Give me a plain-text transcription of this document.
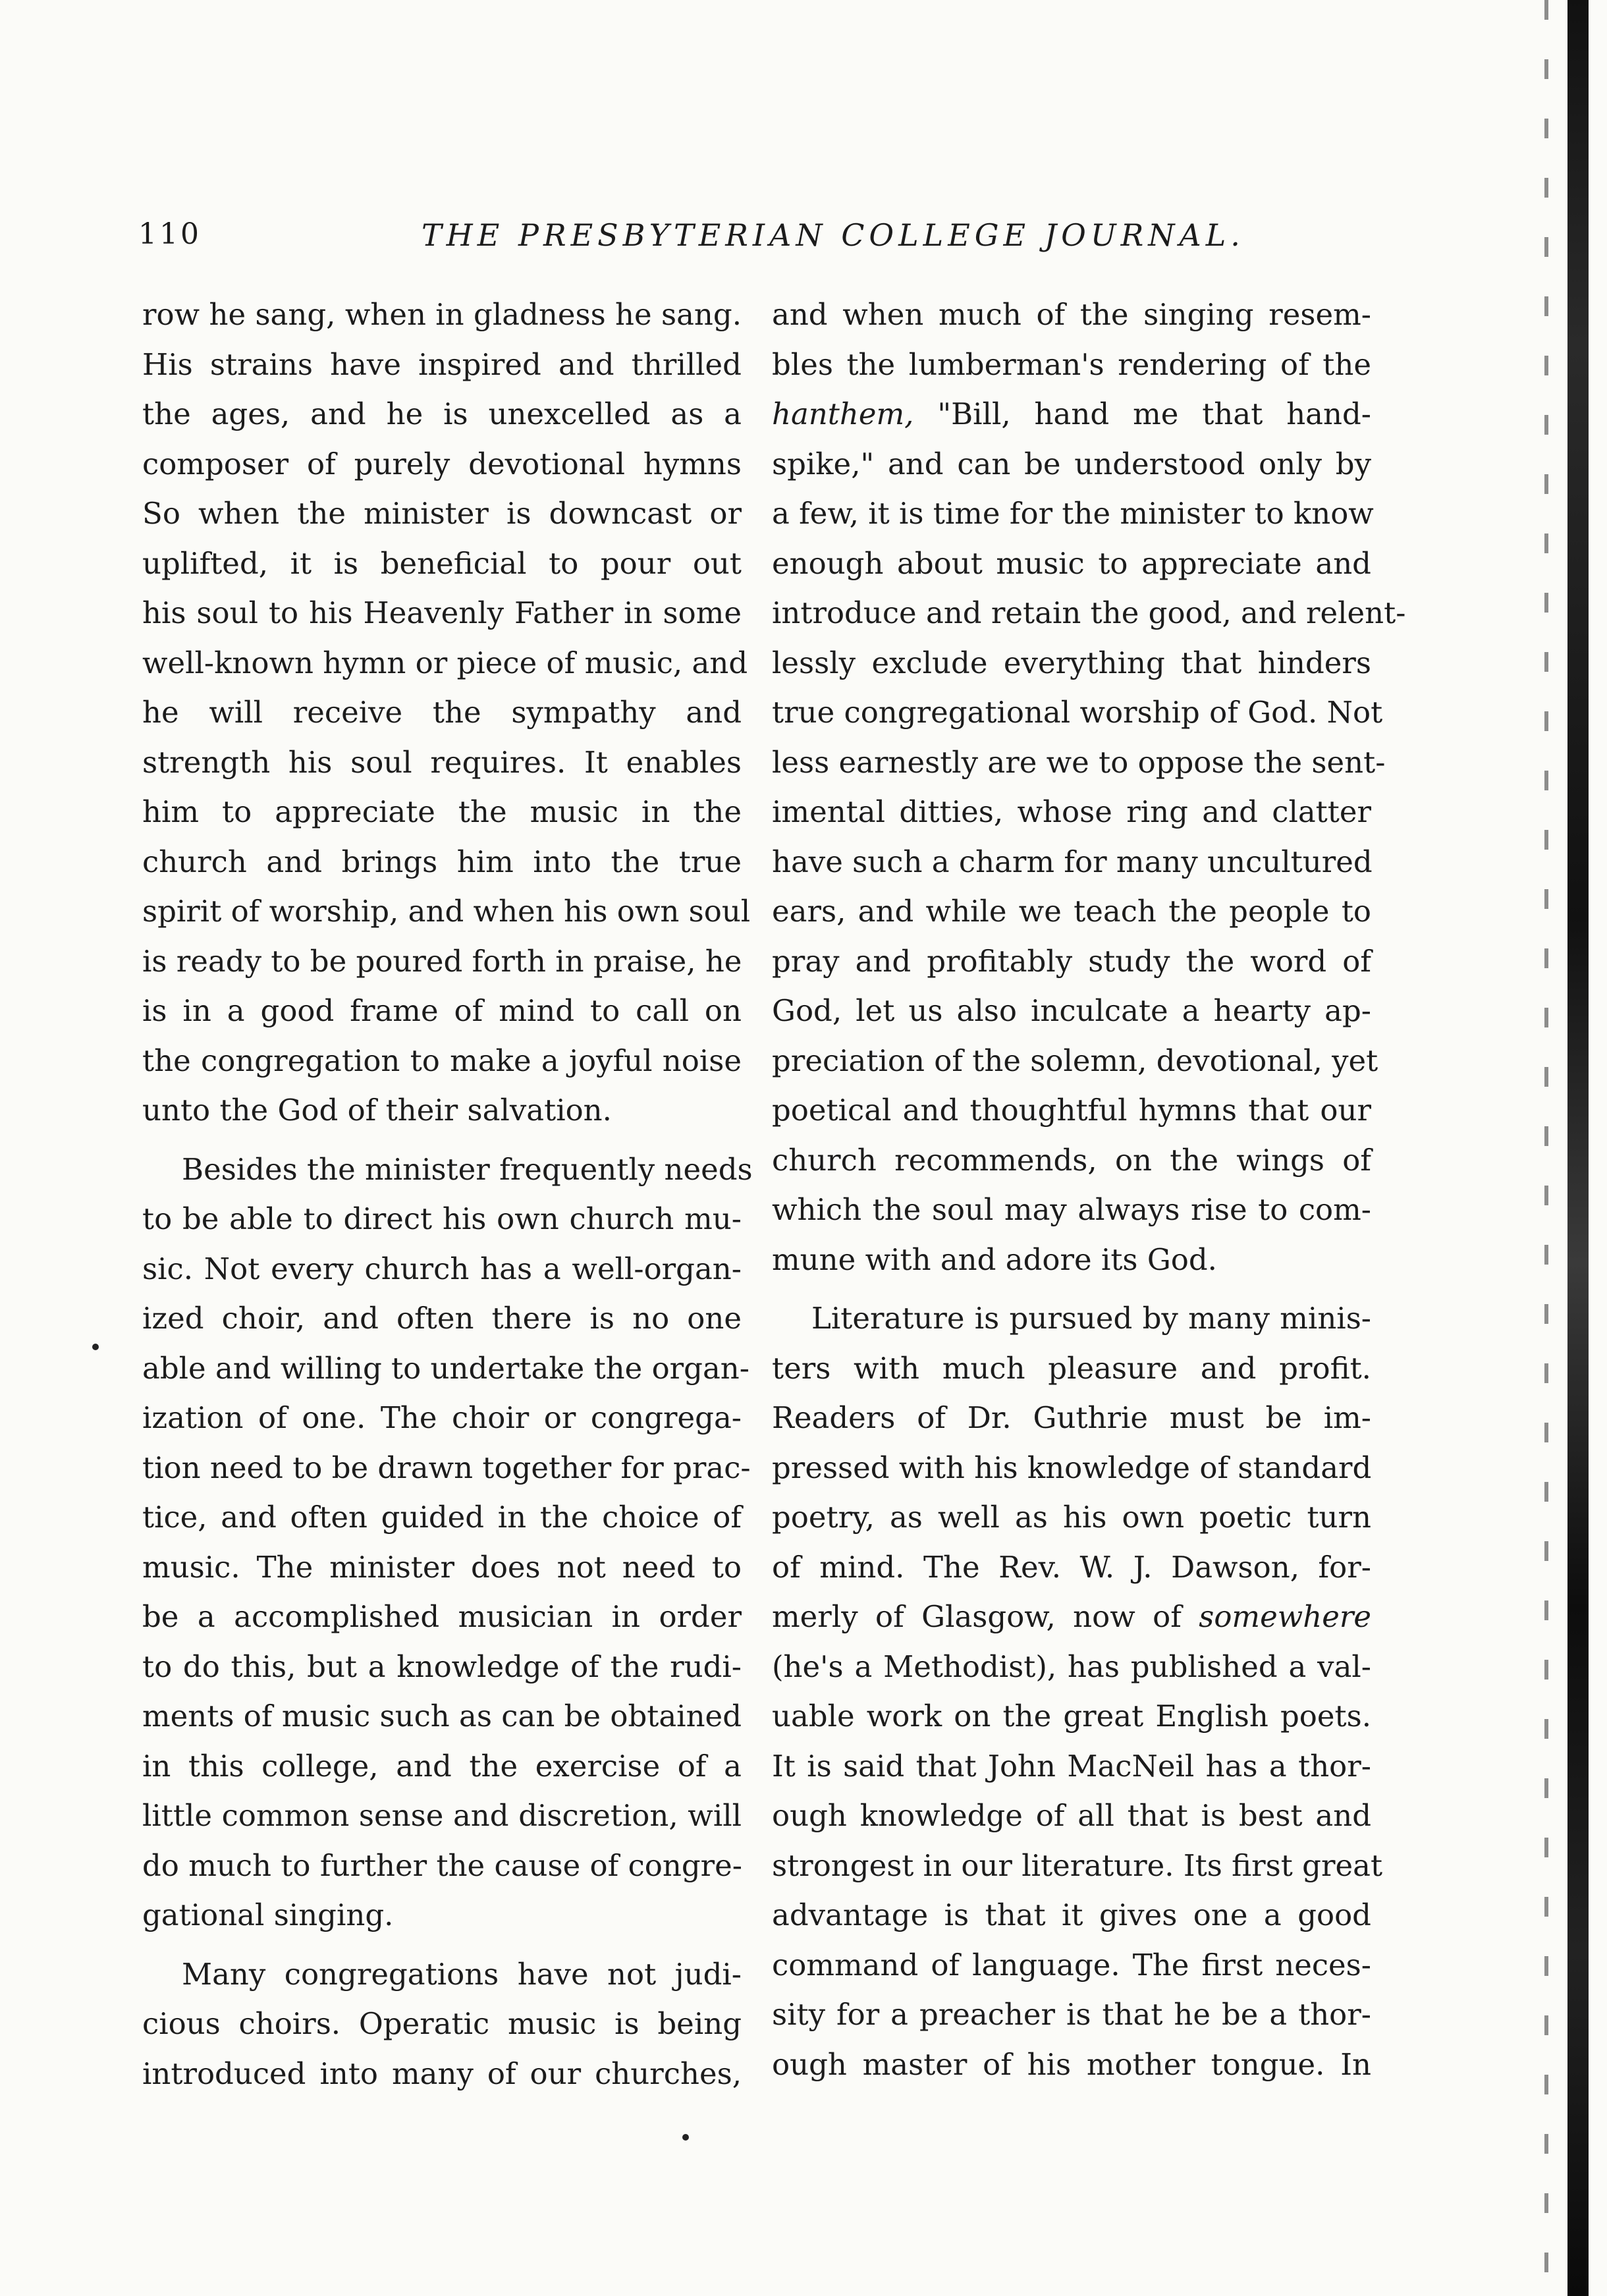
110	THE PRESBYTERIAN COLLEGE JOURNAL.
row he sang, when in gladness he sang.
His strains have inspired and thrilled
the ages, and he is unexcelled as a
composer of purely devotional hymns
So when the minister is downcast or
uplifted, it is beneficial to pour out
his soul to his Heavenly Father in some
well-known hymn or piece of music, and
he will receive the sympathy and
strength his soul requires. It enables
him to appreciate the music in the
church and brings him into the true
spirit of worship, and when his own soul
is ready to be poured forth in praise, he
is in a good frame of mind to call on
the congregation to make a joyful noise
unto the God of their salvation.
Besides the minister frequently needs
to be able to direct his own church mu-
sic. Not every church has a well-organ-
ized choir, and often there is no one
able and willing to undertake the organ-
ization of one. The choir or congrega-
tion need to be drawn together for prac-
tice, and often guided in the choice of
music. The minister does not need to
be a accomplished musician in order
to do this, but a knowledge of the rudi-
ments of music such as can be obtained
in this college, and the exercise of a
little common sense and discretion, will
do much to further the cause of congre-
gational singing.
Many congregations have not judi-
cious choirs. Operatic music is being
introduced into many of our churches,
and when much of the singing resem-
bles the lumberman's rendering of the
hanthem, "Bill, hand me that hand-
spike," and can be understood only by
a few, it is time for the minister to know
enough about music to appreciate and
introduce and retain the good, and relent-
lessly exclude everything that hinders
true congregational worship of God. Not
less earnestly are we to oppose the sent-
imental ditties, whose ring and clatter
have such a charm for many uncultured
ears, and while we teach the people to
pray and profitably study the word of
God, let us also inculcate a hearty ap-
preciation of the solemn, devotional, yet
poetical and thoughtful hymns that our
church recommends, on the wings of
which the soul may always rise to com-
mune with and adore its God.
Literature is pursued by many minis-
ters with much pleasure and profit.
Readers of Dr. Guthrie must be im-
pressed with his knowledge of standard
poetry, as well as his own poetic turn
of mind. The Rev. W. J. Dawson, for-
merly of Glasgow, now of somewhere
(he's a Methodist), has published a val-
uable work on the great English poets.
It is said that John MacNeil has a thor-
ough knowledge of all that is best and
strongest in our literature. Its first great
advantage is that it gives one a good
command of language. The first neces-
sity for a preacher is that he be a thor-
ough master of his mother tongue. In
